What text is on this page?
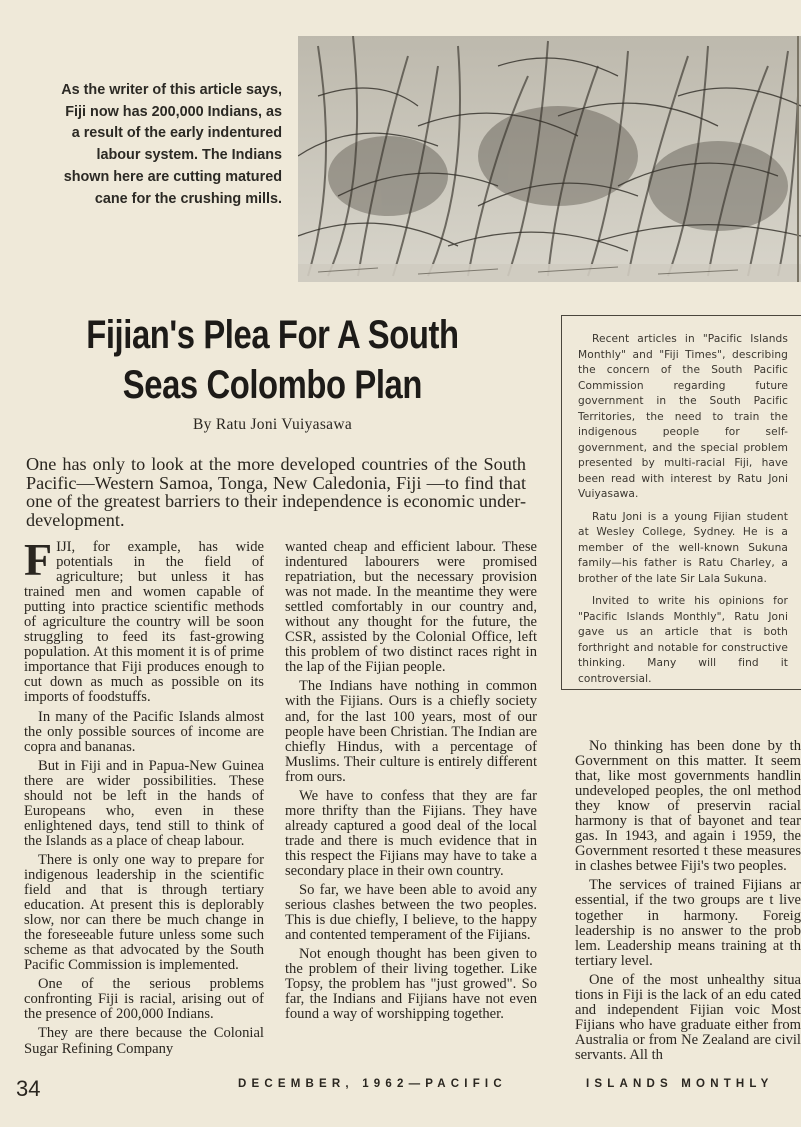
As the writer of this article says, Fiji now has 200,000 Indians, as a result of the early indentured labour system. The Indians shown here are cutting matured cane for the crushing mills.
Fijian's Plea For A South
Seas Colombo Plan
By Ratu Joni Vuiyasawa
One has only to look at the more developed countries of the South Pacific—Western Samoa, Tonga, New Caledonia, Fiji —to find that one of the greatest barriers to their independence is economic under-development.

Recent articles in "Pacific Islands Monthly" and "Fiji Times", describing the concern of the South Pacific Commission regarding future government in the South Pacific Territories, the need to train the indigenous people for self-government, and the special problem presented by multi-racial Fiji, have been read with interest by Ratu Joni Vuiyasawa.

Ratu Joni is a young Fijian student at Wesley College, Sydney. He is a member of the well-known Sukuna family—his father is Ratu Charley, a brother of the late Sir Lala Sukuna.

Invited to write his opinions for "Pacific Islands Monthly", Ratu Joni gave us an article that is both forthright and notable for constructive thinking. Many will find it controversial.

FIJI, for example, has wide potentials in the field of agriculture; but unless it has trained men and women capable of putting into practice scientific methods of agriculture the country will be soon struggling to feed its fast-growing population. At this moment it is of prime importance that Fiji produces enough to cut down as much as possible on its imports of foodstuffs.

In many of the Pacific Islands almost the only possible sources of income are copra and bananas.

But in Fiji and in Papua-New Guinea there are wider possibilities. These should not be left in the hands of Europeans who, even in these enlightened days, tend still to think of the Islands as a place of cheap labour.

There is only one way to prepare for indigenous leadership in the scientific field and that is through tertiary education. At present this is deplorably slow, nor can there be much change in the foreseeable future unless some such scheme as that advocated by the South Pacific Commission is implemented.

One of the serious problems confronting Fiji is racial, arising out of the presence of 200,000 Indians.

They are there because the Colonial Sugar Refining Company

wanted cheap and efficient labour. These indentured labourers were promised repatriation, but the necessary provision was not made. In the meantime they were settled comfortably in our country and, without any thought for the future, the CSR, assisted by the Colonial Office, left this problem of two distinct races right in the lap of the Fijian people.

The Indians have nothing in common with the Fijians. Ours is a chiefly society and, for the last 100 years, most of our people have been Christian. The Indian are chiefly Hindus, with a percentage of Muslims. Their culture is entirely different from ours.

We have to confess that they are far more thrifty than the Fijians. They have already captured a good deal of the local trade and there is much evidence that in this respect the Fijians may have to take a secondary place in their own country.

So far, we have been able to avoid any serious clashes between the two peoples. This is due chiefly, I believe, to the happy and contented temperament of the Fijians.

Not enough thought has been given to the problem of their living together. Like Topsy, the problem has "just growed". So far, the Indians and Fijians have not even found a way of worshipping together.

No thinking has been done by th Government on this matter. It seem that, like most governments handlin undeveloped peoples, the onl method they know of preservin racial harmony is that of bayonet and tear gas. In 1943, and again i 1959, the Government resorted t these measures in clashes betwee Fiji's two peoples.

The services of trained Fijians ar essential, if the two groups are t live together in harmony. Foreig leadership is no answer to the prob lem. Leadership means training at th tertiary level.

One of the most unhealthy situa tions in Fiji is the lack of an edu cated and independent Fijian voic Most Fijians who have graduate either from Australia or from Ne Zealand are civil servants. All th

34	DECEMBER, 1962—PACIFIC	ISLANDS MONTHLY
